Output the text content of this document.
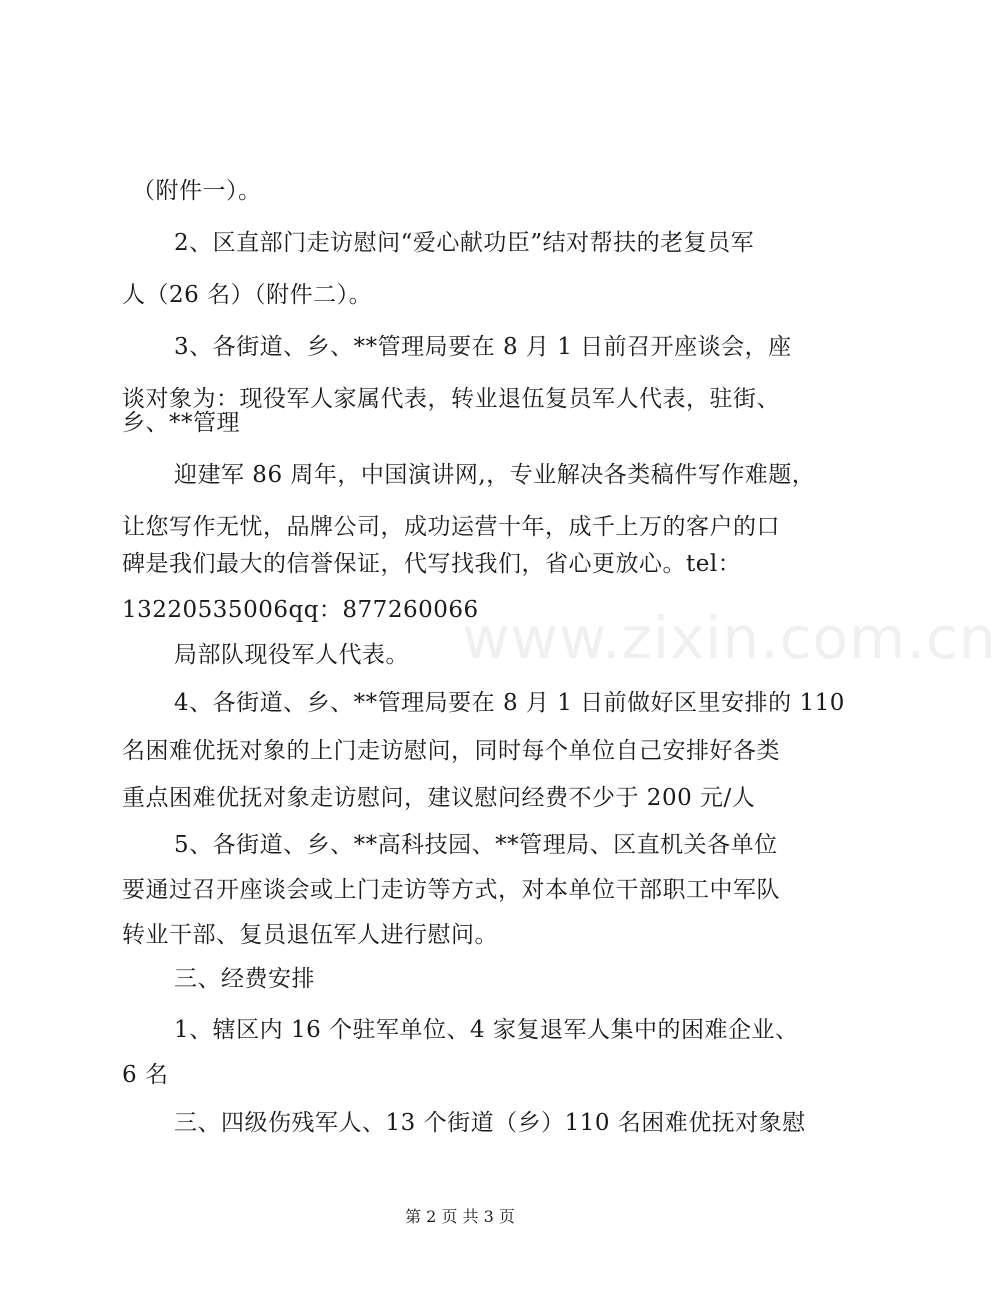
（附件一）。
2、区直部门走访慰问“爱心献功臣”结对帮扶的老复员军
人（26 名）（附件二）。
3、各街道、乡、**管理局要在 8 月 1 日前召开座谈会，座
谈对象为：现役军人家属代表，转业退伍复员军人代表，驻街、
乡、**管理
迎建军 86 周年，中国演讲网,，专业解决各类稿件写作难题，
让您写作无忧，品牌公司，成功运营十年，成千上万的客户的口
碑是我们最大的信誉保证，代写找我们，省心更放心。tel：
13220535006qq：877260066
局部队现役军人代表。
4、各街道、乡、**管理局要在 8 月 1 日前做好区里安排的 110
名困难优抚对象的上门走访慰问，同时每个单位自己安排好各类
重点困难优抚对象走访慰问，建议慰问经费不少于 200 元/人
5、各街道、乡、**高科技园、**管理局、区直机关各单位
要通过召开座谈会或上门走访等方式，对本单位干部职工中军队
转业干部、复员退伍军人进行慰问。
三、经费安排
1、辖区内 16 个驻军单位、4 家复退军人集中的困难企业、
6 名
三、四级伤残军人、13 个街道（乡）110 名困难优抚对象慰
www.zixin.com.cn
第 2 页 共 3 页
